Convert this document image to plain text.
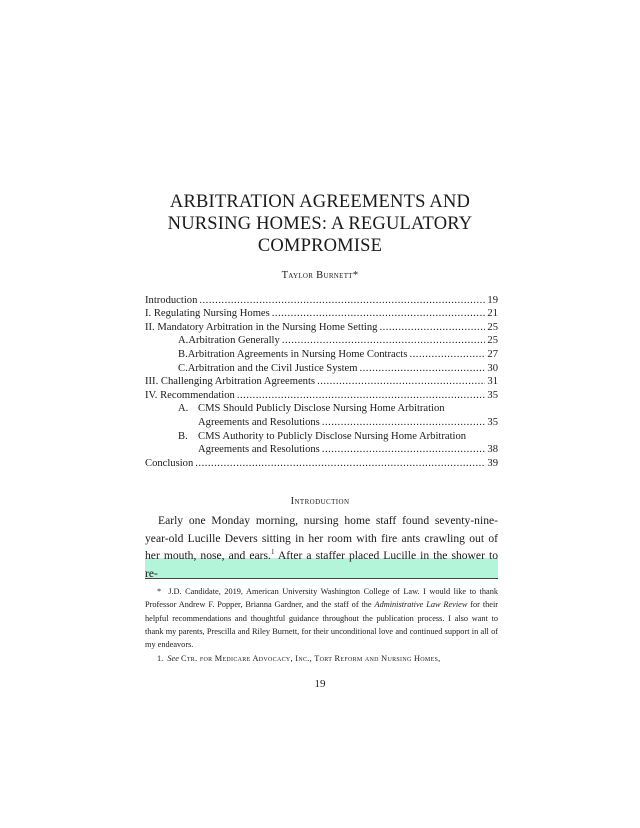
ARBITRATION AGREEMENTS AND
NURSING HOMES: A REGULATORY
COMPROMISE
Taylor Burnett*
Introduction .....	19
I. Regulating Nursing Homes .....	21
II. Mandatory Arbitration in the Nursing Home Setting .....	25
A. Arbitration Generally .....	25
B. Arbitration Agreements in Nursing Home Contracts .....	27
C. Arbitration and the Civil Justice System .....	30
III. Challenging Arbitration Agreements .....	31
IV. Recommendation .....	35
A. CMS Should Publicly Disclose Nursing Home Arbitration
Agreements and Resolutions .....	35
B. CMS Authority to Publicly Disclose Nursing Home Arbitration
Agreements and Resolutions .....	38
Conclusion .....	39
Introduction
Early one Monday morning, nursing home staff found seventy-nine-year-old Lucille Devers sitting in her room with fire ants crawling out of her mouth, nose, and ears.$^1$ After a staffer placed Lucille in the shower to re-
* J.D. Candidate, 2019, American University Washington College of Law. I would like to thank Professor Andrew F. Popper, Brianna Gardner, and the staff of the Administrative Law Review for their helpful recommendations and thoughtful guidance throughout the publication process. I also want to thank my parents, Prescilla and Riley Burnett, for their unconditional love and continued support in all of my endeavors.
1. See Ctr. for Medicare Advocacy, Inc., Tort Reform and Nursing Homes,
19
